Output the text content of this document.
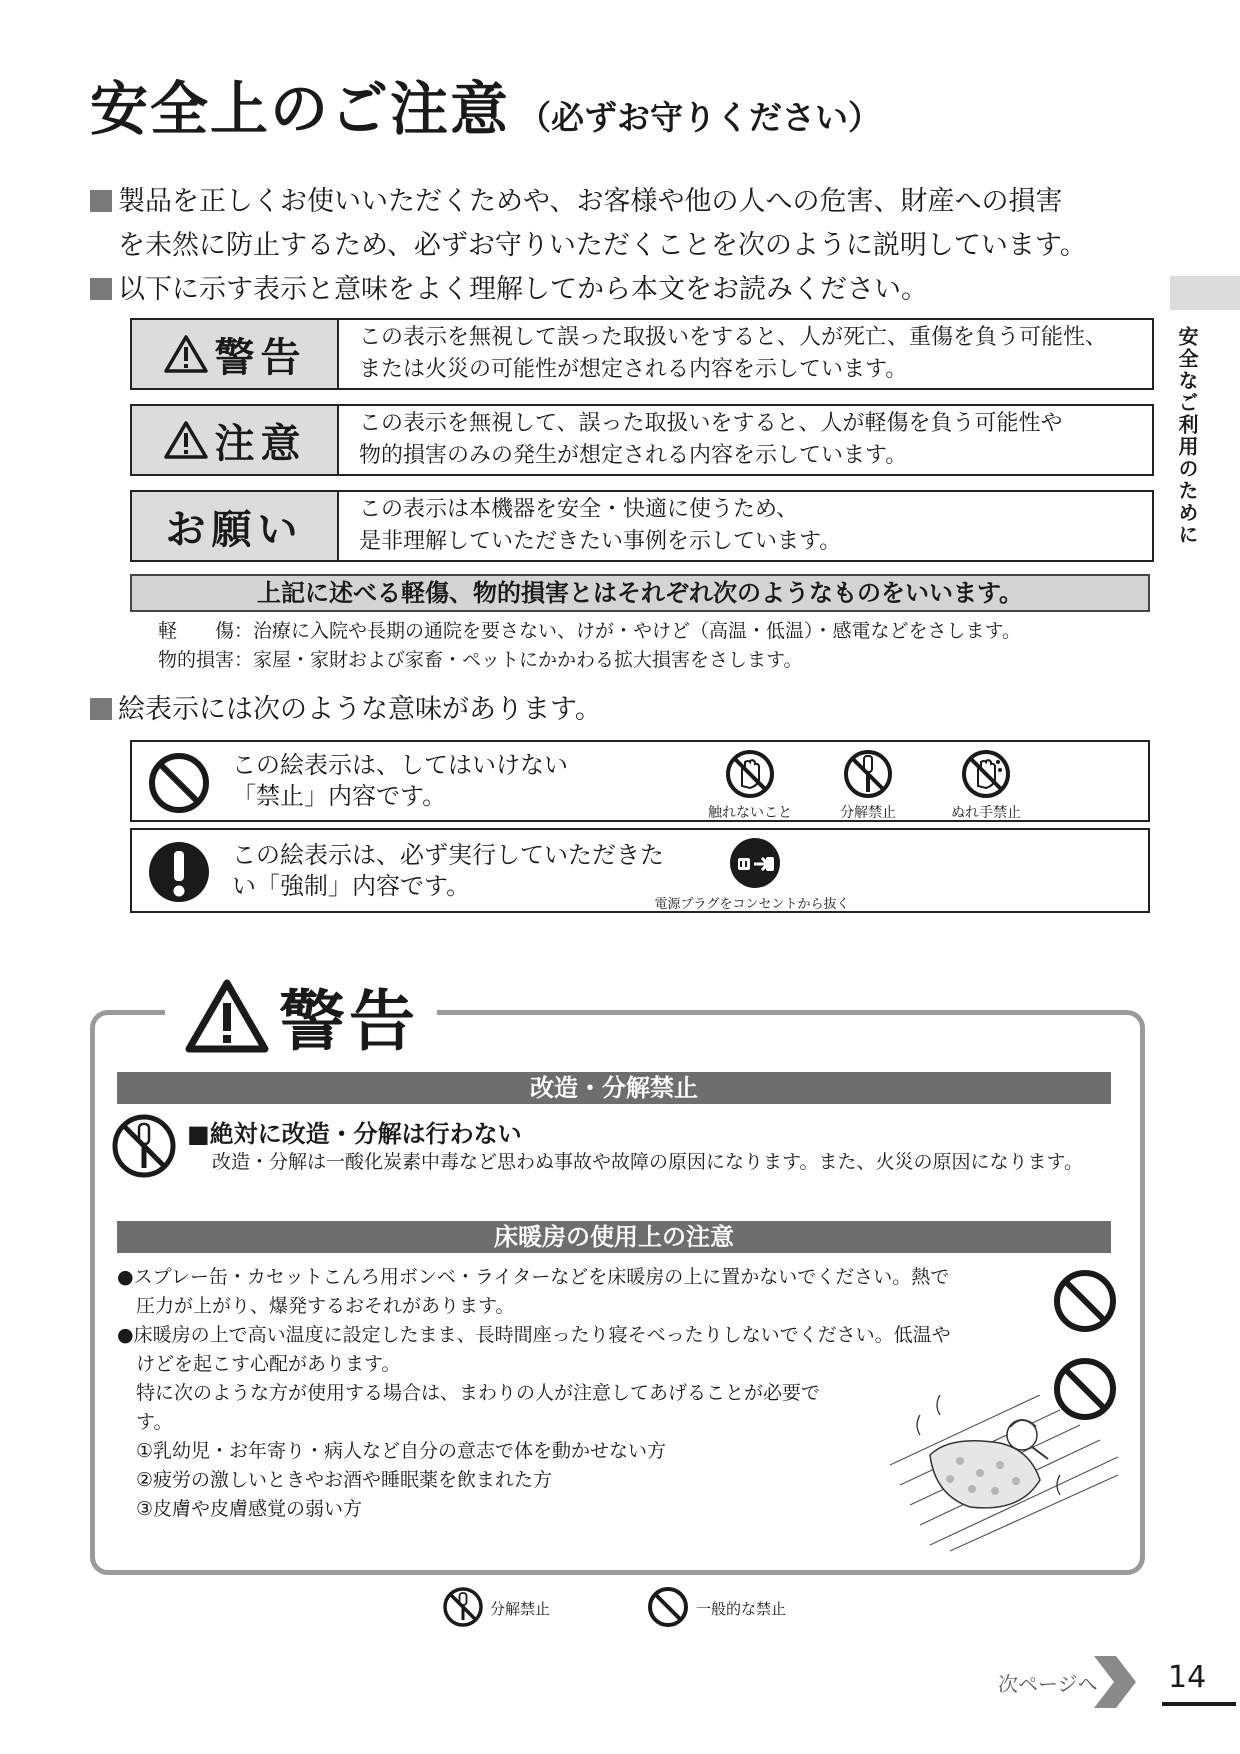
安全上のご注意 （必ずお守りください）
安全なご利用のために
製品を正しくお使いいただくためや、お客様や他の人への危害、財産への損害
を未然に防止するため、必ずお守りいただくことを次のように説明しています。
以下に示す表示と意味をよく理解してから本文をお読みください。
警告 この表示を無視して誤った取扱いをすると、人が死亡、重傷を負う可能性、
または火災の可能性が想定される内容を示しています。
注意 この表示を無視して、誤った取扱いをすると、人が軽傷を負う可能性や
物的損害のみの発生が想定される内容を示しています。
お願い	この表示は本機器を安全・快適に使うため、
是非理解していただきたい事例を示しています。
上記に述べる軽傷、物的損害とはそれぞれ次のようなものをいいます。
軽　　傷：治療に入院や長期の通院を要さない、けが・やけど（高温・低温）・感電などをさします。
物的損害：家屋・家財および家畜・ペットにかかわる拡大損害をさします。
絵表示には次のような意味があります。
この絵表示は、してはいけない
「禁止」内容です。
触れないこと	分解禁止	ぬれ手禁止
この絵表示は、必ず実行していただきた
い「強制」内容です。
電源プラグをコンセントから抜く
警告
改造・分解禁止
■絶対に改造・分解は行わない
改造・分解は一酸化炭素中毒など思わぬ事故や故障の原因になります。また、火災の原因になります。
床暖房の使用上の注意
●スプレー缶・カセットこんろ用ボンベ・ライターなどを床暖房の上に置かないでください。熱で
　圧力が上がり、爆発するおそれがあります。
●床暖房の上で高い温度に設定したまま、長時間座ったり寝そべったりしないでください。低温や
　けどを起こす心配があります。
　特に次のような方が使用する場合は、まわりの人が注意してあげることが必要で
　す。
　①乳幼児・お年寄り・病人など自分の意志で体を動かせない方
　②疲労の激しいときやお酒や睡眠薬を飲まれた方
　③皮膚や皮膚感覚の弱い方
分解禁止	一般的な禁止
次ページへ 14
